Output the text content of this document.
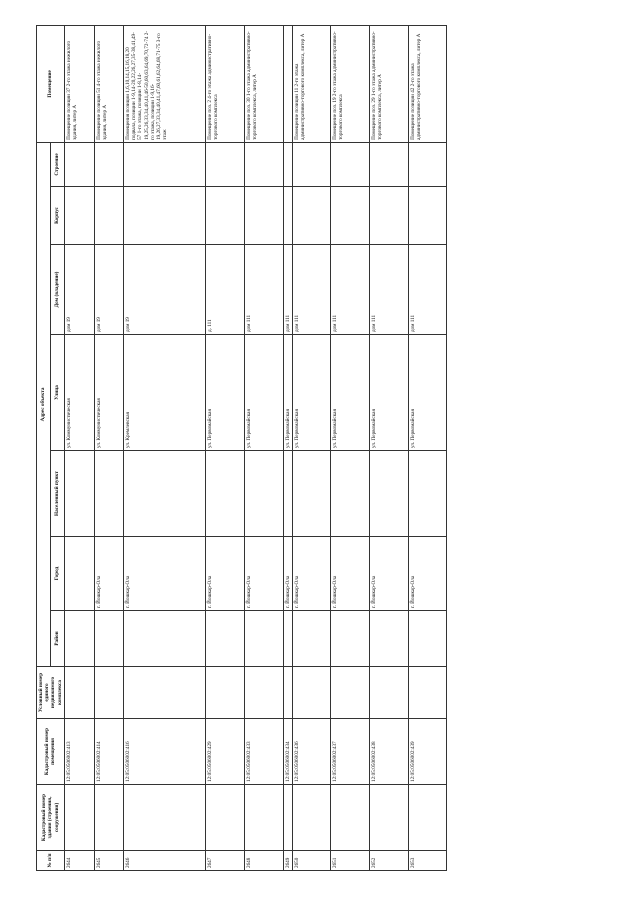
№ п/п	Кадастровый номер здания (строения, сооружения)	Кадастровый номер помещения	Условный номер единого недвижимого комплекса	Адрес объекта							Помещение
				Район	Город	Населенный пункт	Улица	Дом (владение)	Корпус	Строение	
2644		12:05:0506002:413					ул. Коммунистическая	дом 19			Помещение позиции 37 2-го этажа нежилого здания, литер А
2645		12:05:0506002:414			г. Йошкар-Ола		ул. Коммунистическая	дом 19			Помещение позиции 51 4-го этажа нежилого здания, литер А
2646		12:05:0506002:416			г. Йошкар-Ола		ул. Кремлевская	дом 19			Помещения позиции 1,6,10,14,15,16,18,20 подвала, позиции 1-9,14-20,22,26,27,35-38,41,49-57 1-го этажа, позиции 1-8,14-19,25,26,33,34,40,41,46-50,60,63,64,69,70,72-74 2-го этажа, позиции 1-9,16-19,26,27,33,34,40,41,47,60,61,62,64,68,71-75 3-го этаж
2647		12:05:0506002:429			г. Йошкар-Ола		ул. Первомайская	д. 111			Помещение поз. 2 4-го этажа административно-торгового комплекса
2648		12:05:0506002:433			г. Йошкар-Ола		ул. Первомайская	дом 111			Помещение поз. 30 1-го этажа административно-торгового комплекса, литер А
2649		12:05:0506002:434			г. Йошкар-Ола		ул. Первомайская	дом 111			
2650		12:05:0506002:436			г. Йошкар-Ола		ул. Первомайская	дом 111			Помещение позиции 11 2-го этажа административно-торгового комплекса, литер А
2651		12:05:0506002:437			г. Йошкар-Ола		ул. Первомайская	дом 111			Помещение поз. 19 2-го этажа административно-торгового комплекса
2652		12:05:0506002:438			г. Йошкар-Ола		ул. Первомайская	дом 111			Помещение поз. 29 1-го этажа административно-торгового комплекса, литер А
2653		12:05:0506002:439			г. Йошкар-Ола		ул. Первомайская	дом 111			Помещение позиции 42 2-го этажа административно-торгового комплекса, литер А
